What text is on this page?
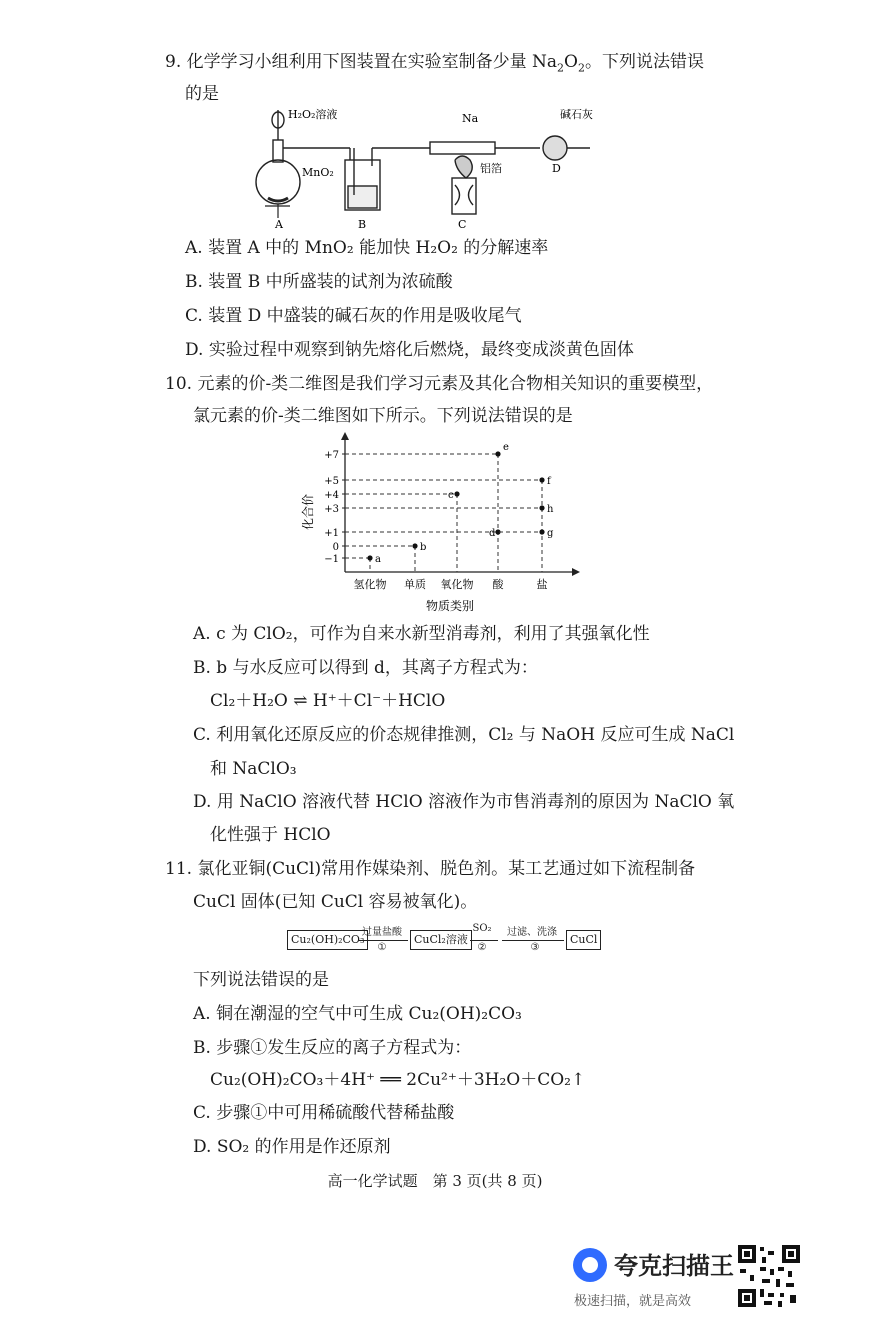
9. 化学学习小组利用下图装置在实验室制备少量 $Na_2O_2$。下列说法错误
的是
H₂O₂溶液
MnO₂
A	B
Na
铝箔
C
碱石灰
D
A. 装置 A 中的 MnO₂ 能加快 H₂O₂ 的分解速率
B. 装置 B 中所盛装的试剂为浓硫酸
C. 装置 D 中盛装的碱石灰的作用是吸收尾气
D. 实验过程中观察到钠先熔化后燃烧，最终变成淡黄色固体
10. 元素的价-类二维图是我们学习元素及其化合物相关知识的重要模型，
氯元素的价-类二维图如下所示。下列说法错误的是
+7
+5
+4
+3
+1
0
−1
氢化物 单质 氧化物 酸	盐
化合价
物质类别
a
b
c
d
e
f
h
g
A. c 为 ClO₂，可作为自来水新型消毒剂，利用了其强氧化性
B. b 与水反应可以得到 d，其离子方程式为：
Cl₂＋H₂O ⇌ H⁺＋Cl⁻＋HClO
C. 利用氧化还原反应的价态规律推测，Cl₂ 与 NaOH 反应可生成 NaCl
和 NaClO₃
D. 用 NaClO 溶液代替 HClO 溶液作为市售消毒剂的原因为 NaClO 氧
化性强于 HClO
11. 氯化亚铜(CuCl)常用作媒染剂、脱色剂。某工艺通过如下流程制备
CuCl 固体(已知 CuCl 容易被氧化)。
Cu₂(OH)₂CO₃
过量盐酸
①
CuCl₂溶液
SO₂
②
过滤、洗涤
③
CuCl
下列说法错误的是
A. 铜在潮湿的空气中可生成 Cu₂(OH)₂CO₃
B. 步骤①发生反应的离子方程式为：
Cu₂(OH)₂CO₃＋4H⁺ ══ 2Cu²⁺＋3H₂O＋CO₂↑
C. 步骤①中可用稀硫酸代替稀盐酸
D. SO₂ 的作用是作还原剂
高一化学试题　第 3 页(共 8 页)
夸克扫描王
极速扫描，就是高效
